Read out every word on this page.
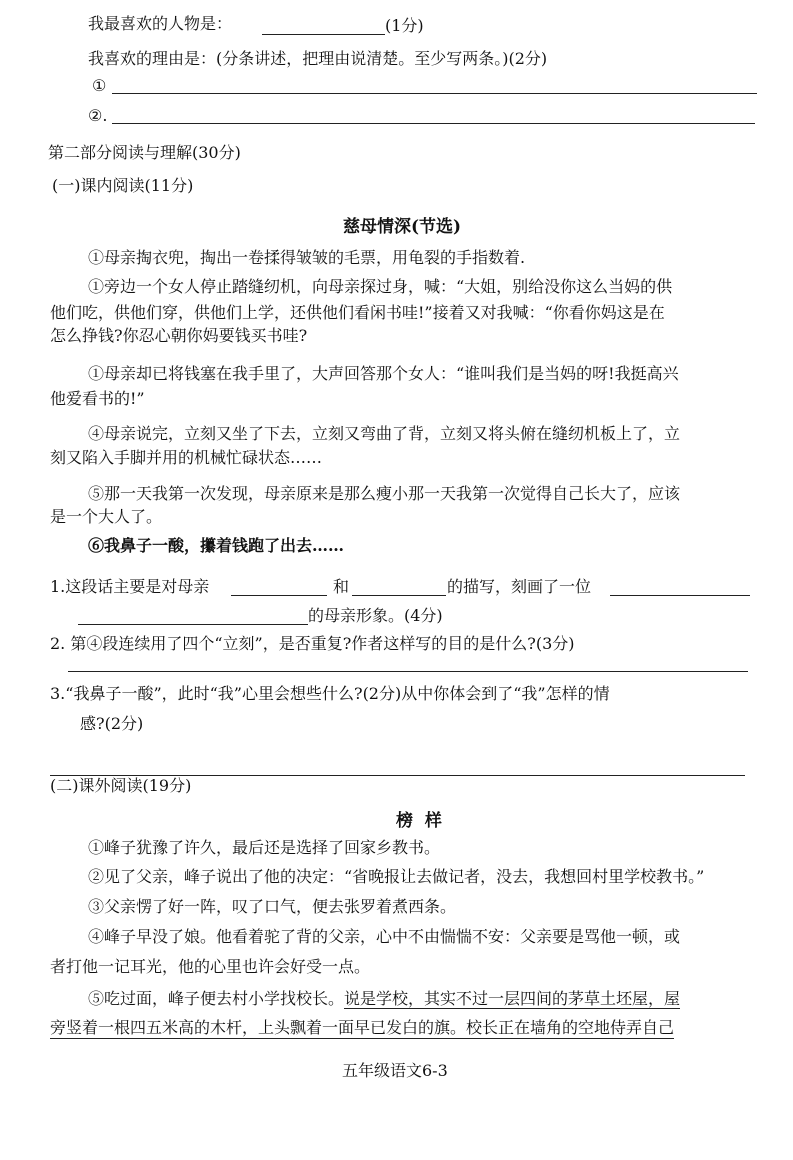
我最喜欢的人物是：	(1分)
我喜欢的理由是：(分条讲述，把理由说清楚。至少写两条。)(2分)
①
②.
第二部分阅读与理解(30分)
(一)课内阅读(11分)
慈母情深(节选)
①母亲掏衣兜，掏出一卷揉得皱皱的毛票，用龟裂的手指数着.
①旁边一个女人停止踏缝纫机，向母亲探过身，喊：“大姐，别给没你这么当妈的供
他们吃，供他们穿，供他们上学，还供他们看闲书哇!”接着又对我喊：“你看你妈这是在
怎么挣钱?你忍心朝你妈要钱买书哇?
①母亲却已将钱塞在我手里了，大声回答那个女人：“谁叫我们是当妈的呀!我挺高兴
他爱看书的!”
④母亲说完，立刻又坐了下去，立刻又弯曲了背，立刻又将头俯在缝纫机板上了，立
刻又陷入手脚并用的机械忙碌状态……
⑤那一天我第一次发现，母亲原来是那么瘦小那一天我第一次觉得自己长大了，应该
是一个大人了。
⑥我鼻子一酸，攥着钱跑了出去……
1.这段话主要是对母亲	和	的描写，刻画了一位
的母亲形象。(4分)
2. 第④段连续用了四个“立刻”，是否重复?作者这样写的目的是什么?(3分)
3.“我鼻子一酸”，此时“我”心里会想些什么?(2分)从中你体会到了“我”怎样的情
感?(2分)
(二)课外阅读(19分)
榜  样
①峰子犹豫了许久，最后还是选择了回家乡教书。
②见了父亲，峰子说出了他的决定：“省晚报让去做记者，没去，我想回村里学校教书。”
③父亲愣了好一阵，叹了口气，便去张罗着煮西条。
④峰子早没了娘。他看着驼了背的父亲，心中不由惴惴不安：父亲要是骂他一顿，或
者打他一记耳光，他的心里也许会好受一点。
⑤吃过面，峰子便去村小学找校长。说是学校，其实不过一层四间的茅草土坯屋，屋
旁竖着一根四五米高的木杆，上头飘着一面早已发白的旗。校长正在墙角的空地侍弄自己
五年级语文6-3
